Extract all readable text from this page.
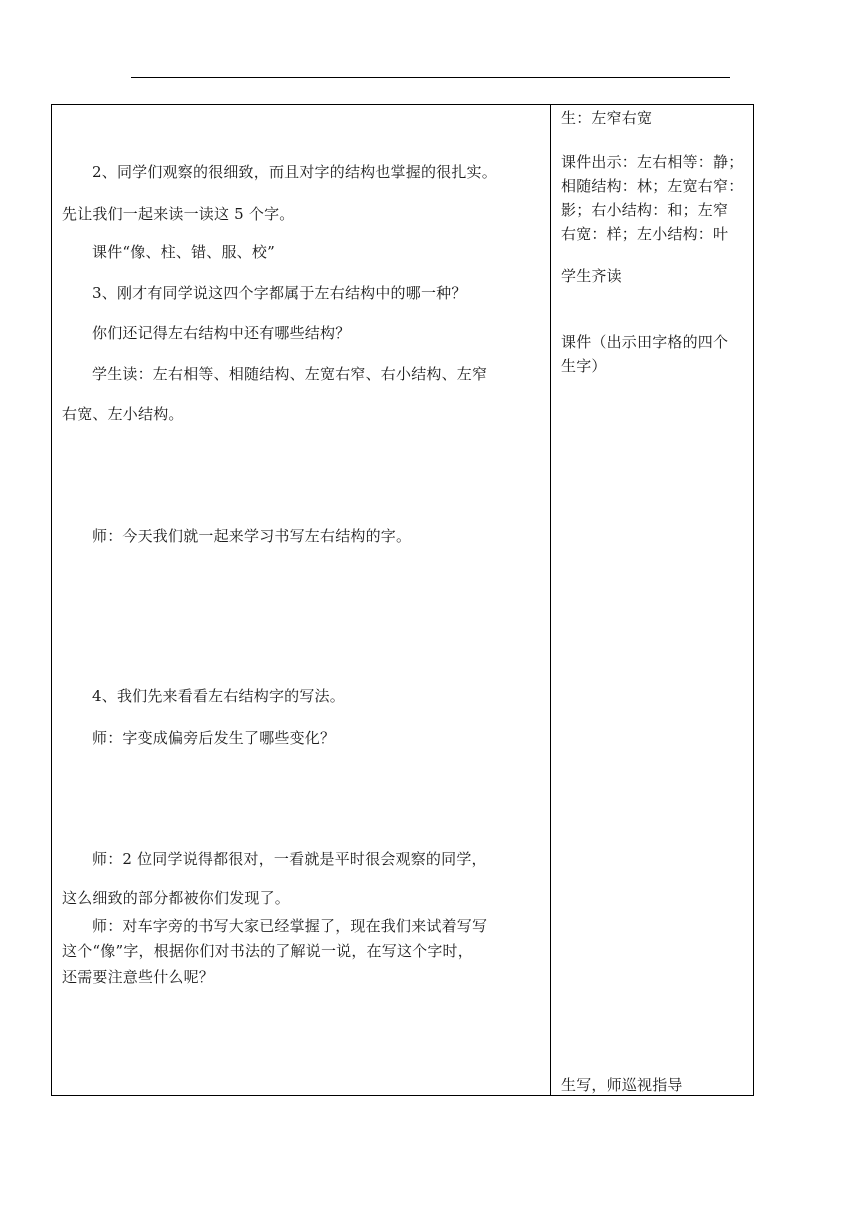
2、同学们观察的很细致，而且对字的结构也掌握的很扎实。
先让我们一起来读一读这 5 个字。
课件“像、柱、错、服、校”
3、刚才有同学说这四个字都属于左右结构中的哪一种？
你们还记得左右结构中还有哪些结构？
学生读：左右相等、相随结构、左宽右窄、右小结构、左窄
右宽、左小结构。
师：今天我们就一起来学习书写左右结构的字。
4、我们先来看看左右结构字的写法。
师：字变成偏旁后发生了哪些变化？
师：2 位同学说得都很对，一看就是平时很会观察的同学，
这么细致的部分都被你们发现了。
师：对车字旁的书写大家已经掌握了，现在我们来试着写写
这个“像”字，根据你们对书法的了解说一说，在写这个字时，
还需要注意些什么呢？
生：左窄右宽
课件出示：左右相等：静；
相随结构：林；左宽右窄：
影；右小结构：和；左窄
右宽：样；左小结构：叶
学生齐读
课件（出示田字格的四个
生字）
生写，师巡视指导
